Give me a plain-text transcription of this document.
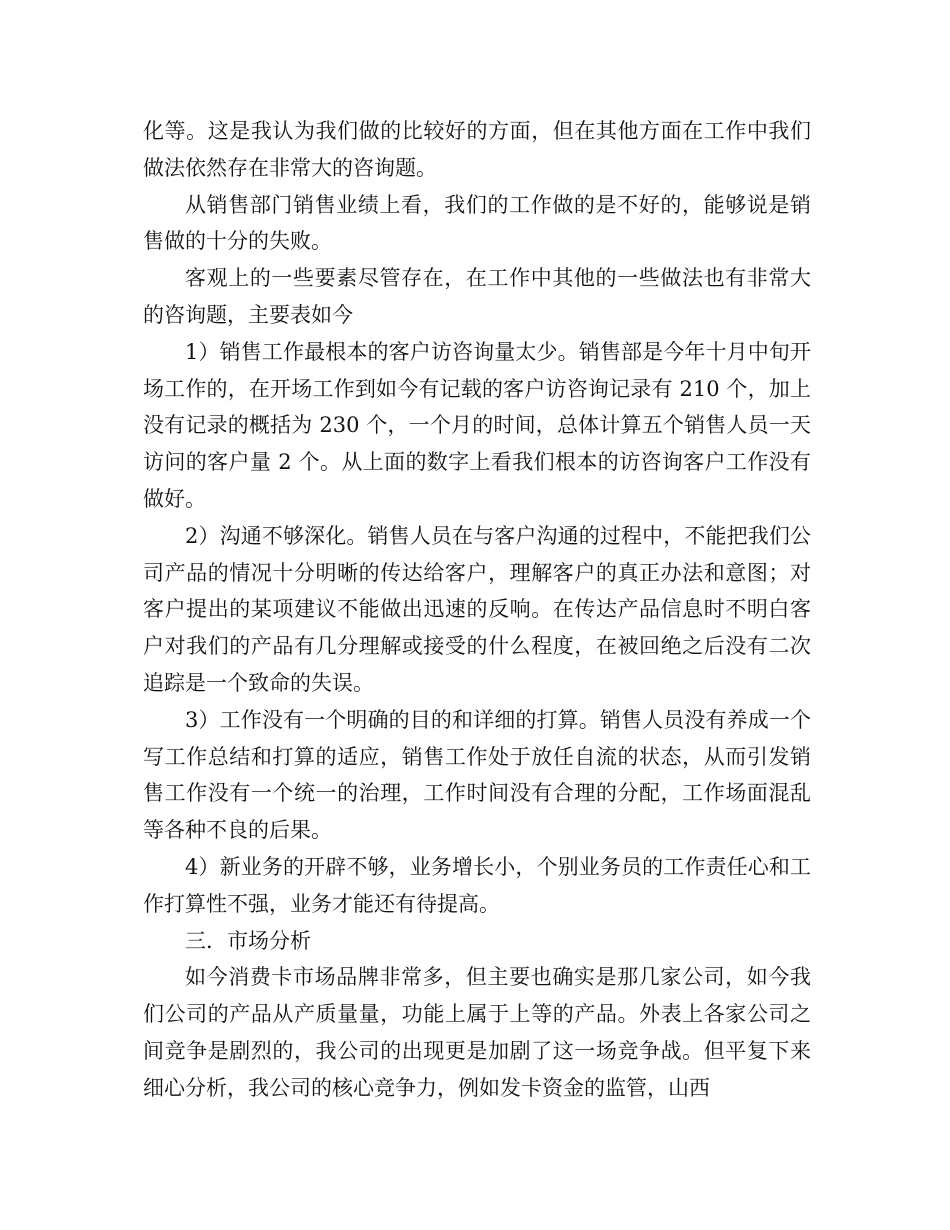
化等。这是我认为我们做的比较好的方面，但在其他方面在工作中我们做法依然存在非常大的咨询题。

从销售部门销售业绩上看，我们的工作做的是不好的，能够说是销售做的十分的失败。

客观上的一些要素尽管存在，在工作中其他的一些做法也有非常大的咨询题，主要表如今

1）销售工作最根本的客户访咨询量太少。销售部是今年十月中旬开场工作的，在开场工作到如今有记载的客户访咨询记录有 210 个，加上没有记录的概括为 230 个，一个月的时间，总体计算五个销售人员一天访问的客户量 2 个。从上面的数字上看我们根本的访咨询客户工作没有做好。

2）沟通不够深化。销售人员在与客户沟通的过程中，不能把我们公司产品的情况十分明晰的传达给客户，理解客户的真正办法和意图；对客户提出的某项建议不能做出迅速的反响。在传达产品信息时不明白客户对我们的产品有几分理解或接受的什么程度，在被回绝之后没有二次追踪是一个致命的失误。

3）工作没有一个明确的目的和详细的打算。销售人员没有养成一个写工作总结和打算的适应，销售工作处于放任自流的状态，从而引发销售工作没有一个统一的治理，工作时间没有合理的分配，工作场面混乱等各种不良的后果。

4）新业务的开辟不够，业务增长小，个别业务员的工作责任心和工作打算性不强，业务才能还有待提高。

三．市场分析

如今消费卡市场品牌非常多，但主要也确实是那几家公司，如今我们公司的产品从产质量量，功能上属于上等的产品。外表上各家公司之间竞争是剧烈的，我公司的出现更是加剧了这一场竞争战。但平复下来细心分析，我公司的核心竞争力，例如发卡资金的监管，山西
